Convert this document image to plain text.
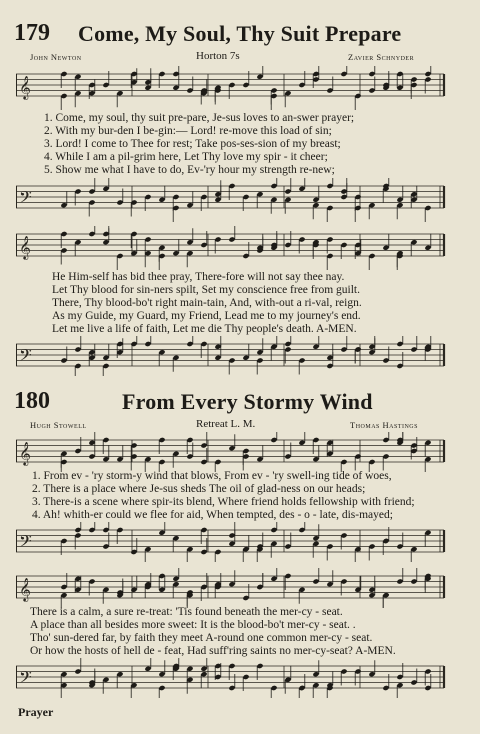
179 Come, My Soul, Thy Suit Prepare
John Newton	Horton 7s	Zavier Schnyder
𝄞
1. Come, my soul, thy suit pre-pare, Je-sus loves to an-swer prayer;
2. With my bur-den I be-gin:— Lord! re-move this load of sin;
3. Lord! I come to Thee for rest; Take pos-ses-sion of my breast;
4. While I am a pil-grim here, Let Thy love my spir - it cheer;
5. Show me what I have to do, Ev-'ry hour my strength re-new;
𝄢
𝄞
He Him-self has bid thee pray, There-fore will not say thee nay.
Let Thy blood for sin-ners spilt, Set my conscience free from guilt.
There, Thy blood-bo't right main-tain, And, with-out a ri-val, reign.
As my Guide, my Guard, my Friend, Lead me to my journey's end.
Let me live a life of faith, Let me die Thy people's death. A-MEN.
𝄢
180	From Every Stormy Wind
Hugh Stowell	Retreat L. M.	Thomas Hastings
𝄞
1. From ev - 'ry storm-y wind that blows, From ev - 'ry swell-ing tide of woes,
2. There is a place where Je-sus sheds The oil of glad-ness on our heads;
3. There-is a scene where spir-its blend, Where friend holds fellowship with friend;
4. Ah! whith-er could we flee for aid, When tempted, des - o - late, dis-mayed;
𝄢
𝄞
There is a calm, a sure re-treat: 'Tis found beneath the mer-cy - seat.
A place than all besides more sweet: It is the blood-bo't mer-cy - seat. .
Tho' sun-dered far, by faith they meet A-round one common mer-cy - seat.
Or how the hosts of hell de - feat, Had suff'ring saints no mer-cy-seat? A-MEN.
𝄢
Prayer
